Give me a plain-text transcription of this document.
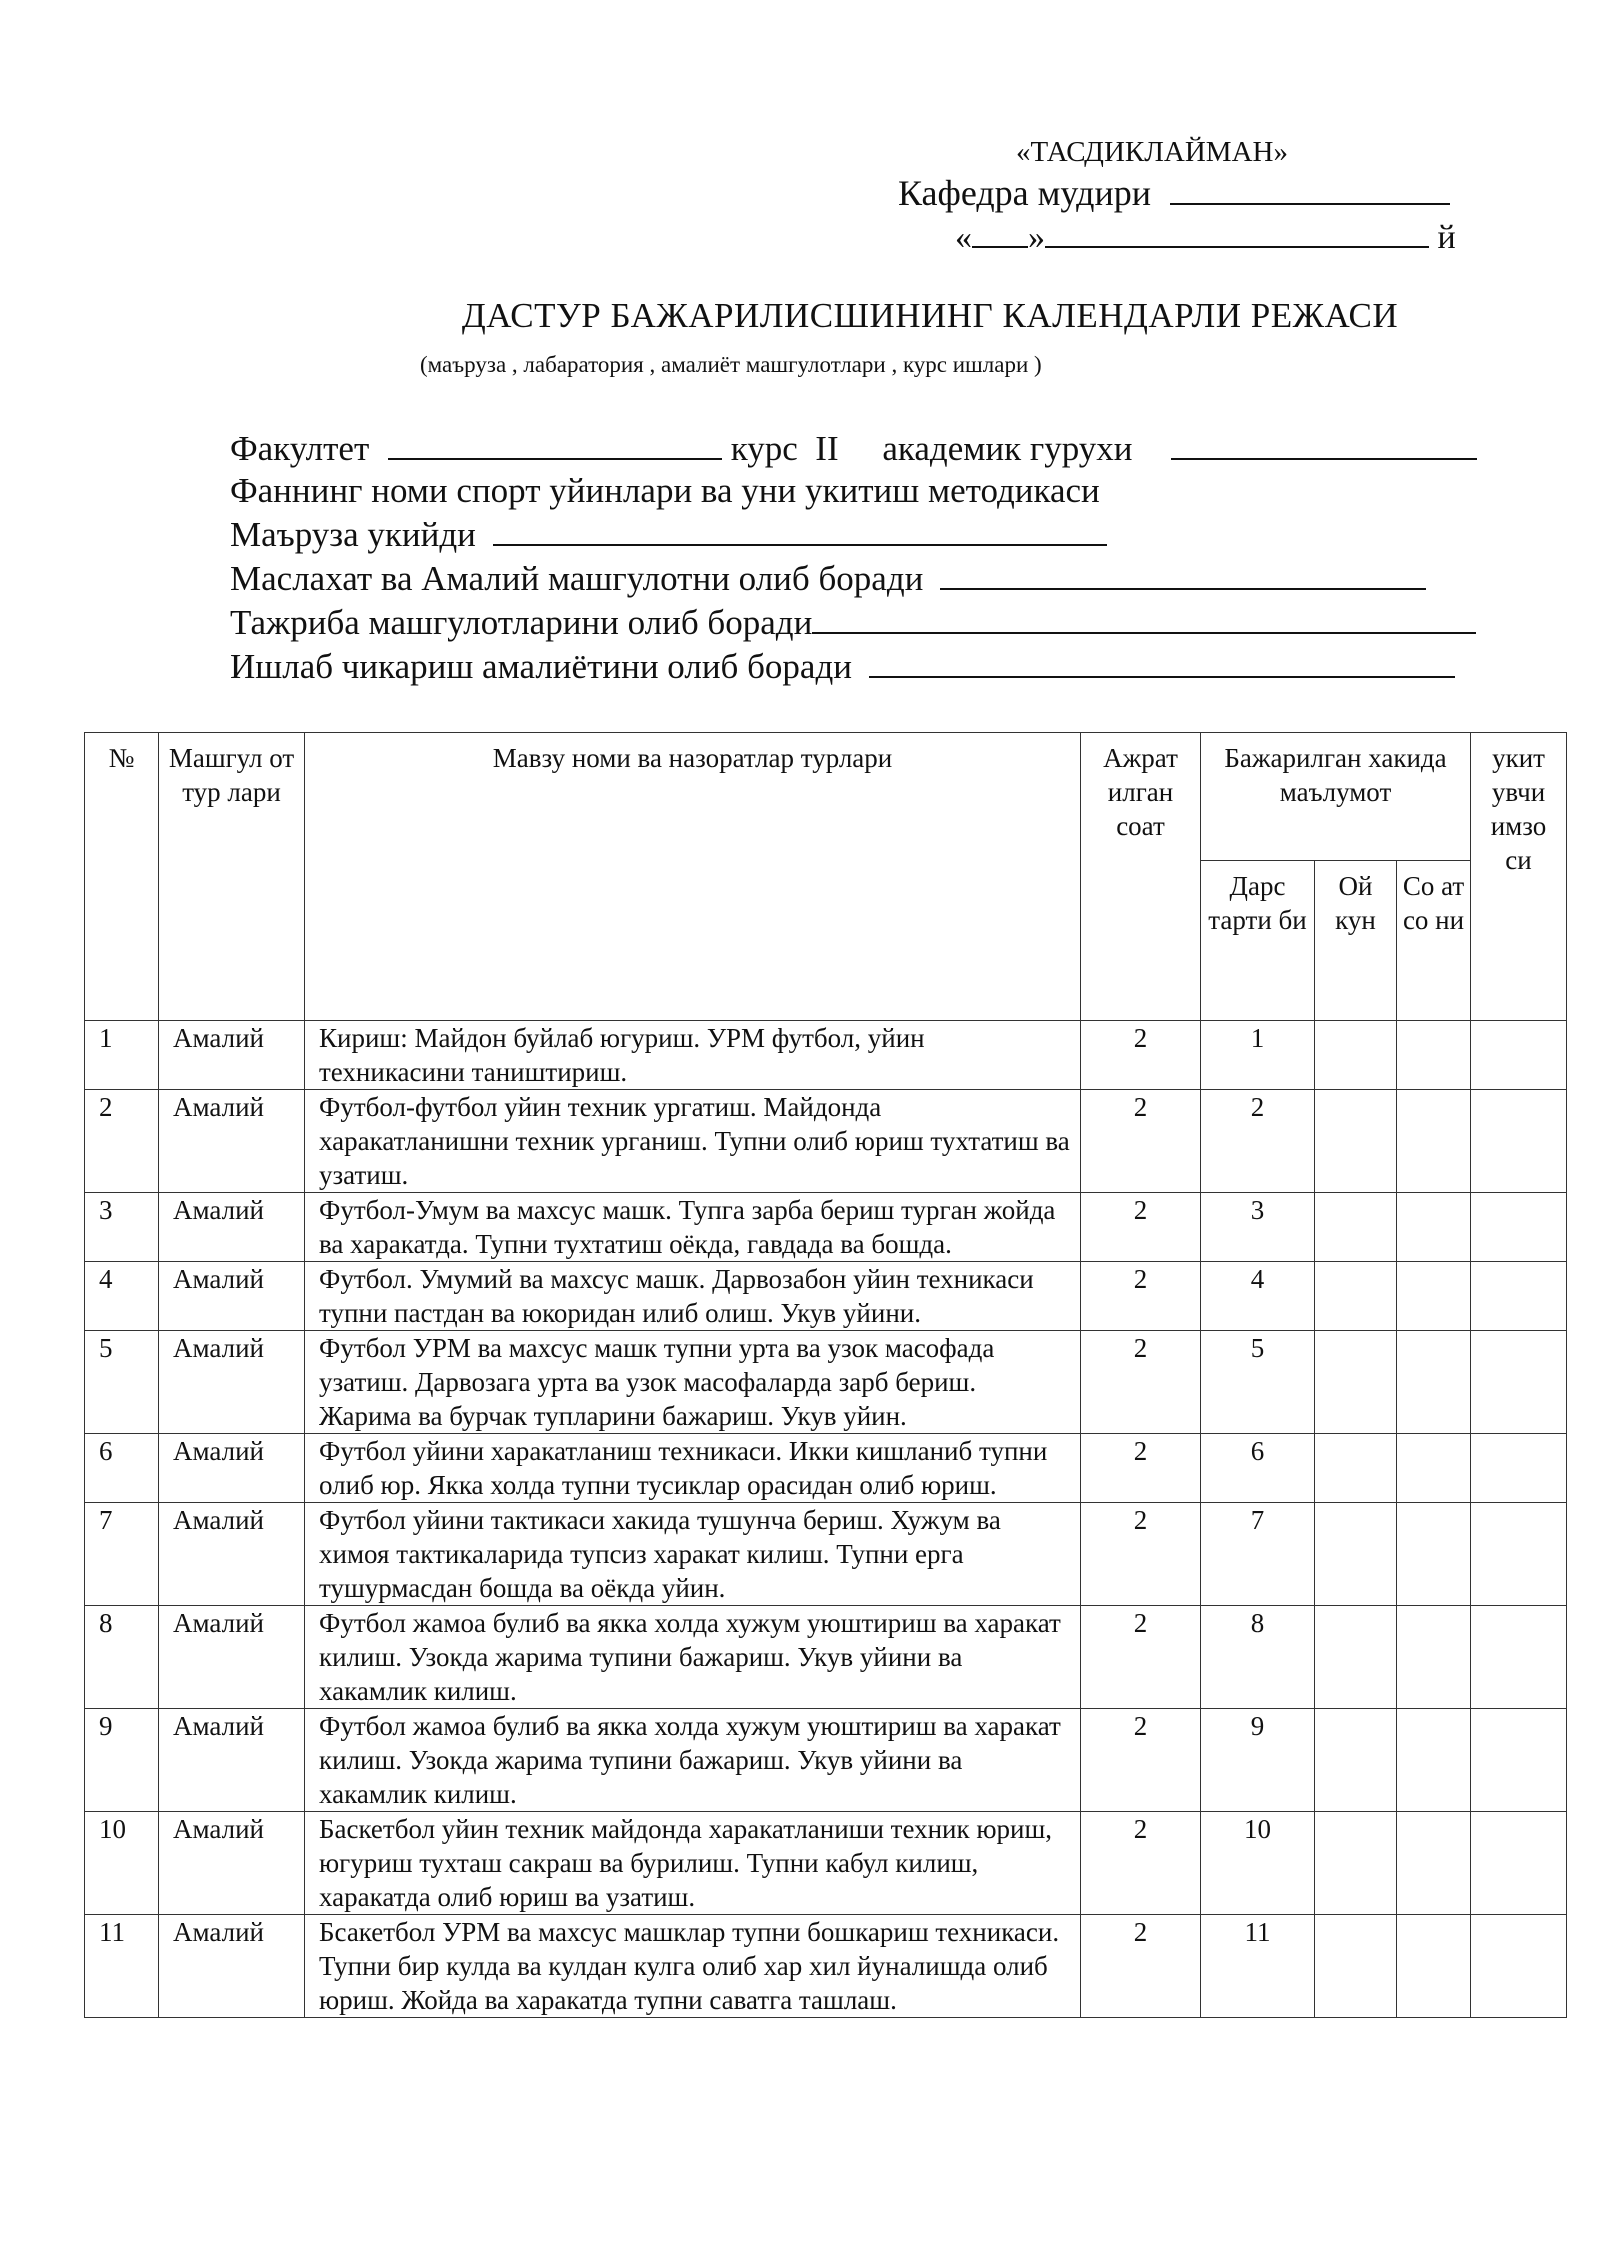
«ТАСДИКЛАЙМАН»
Кафедра мудири
« »	й
ДАСТУР БАЖАРИЛИСШИНИНГ КАЛЕНДАРЛИ РЕЖАСИ
(маъруза , лабаратория , амалиёт машгулотлари , курс ишлари )
Факултет	курс  II     академик гурухи
Фаннинг номи спорт уйинлари ва уни укитиш методикаси
Маъруза укийди
Маслахат ва Амалий машгулотни олиб боради
Тажриба машгулотларини олиб боради
Ишлаб чикариш амалиётини олиб боради
№	Машгул от тур лари	Мавзу номи ва назоратлар турлари	Ажрат илган соат	Бажарилган хакида маълумот			укит увчи имзо си
				Дарс тарти би	Ой кун	Со ат со ни	
1	Амалий	Кириш: Майдон буйлаб югуриш. УРМ футбол, уйин техникасини таништириш.	2	1			
2	Амалий	Футбол-футбол уйин техник ургатиш. Майдонда харакатланишни техник урганиш. Тупни олиб юриш тухтатиш ва узатиш.	2	2			
3	Амалий	Футбол-Умум ва махсус машк. Тупга зарба бериш турган жойда ва харакатда. Тупни тухтатиш оёкда, гавдада ва бошда.	2	3			
4	Амалий	Футбол. Умумий ва махсус машк. Дарвозабон уйин техникаси тупни пастдан ва юкоридан илиб олиш. Укув уйини.	2	4			
5	Амалий	Футбол УРМ ва махсус машк тупни урта ва узок масофада узатиш. Дарвозага урта ва узок масофаларда зарб бериш. Жарима ва бурчак тупларини бажариш. Укув уйин.	2	5			
6	Амалий	Футбол уйини харакатланиш техникаси. Икки кишланиб тупни олиб юр. Якка холда тупни тусиклар орасидан олиб юриш.	2	6			
7	Амалий	Футбол уйини тактикаси хакида тушунча бериш. Хужум ва химоя тактикаларида тупсиз харакат килиш. Тупни ерга тушурмасдан бошда ва оёкда уйин.	2	7			
8	Амалий	Футбол жамоа булиб ва якка холда хужум уюштириш ва харакат килиш. Узокда жарима тупини бажариш. Укув уйини ва хакамлик килиш.	2	8			
9	Амалий	Футбол жамоа булиб ва якка холда хужум уюштириш ва харакат килиш. Узокда жарима тупини бажариш. Укув уйини ва хакамлик килиш.	2	9			
10	Амалий	Баскетбол уйин техник майдонда харакатланиши техник юриш, югуриш тухташ сакраш ва бурилиш. Тупни кабул килиш, харакатда олиб юриш ва узатиш.	2	10			
11	Амалий	Бсакетбол УРМ ва махсус машклар тупни бошкариш техникаси. Тупни бир кулда ва кулдан кулга олиб хар хил йуналишда олиб юриш. Жойда ва харакатда тупни саватга ташлаш.	2	11			
